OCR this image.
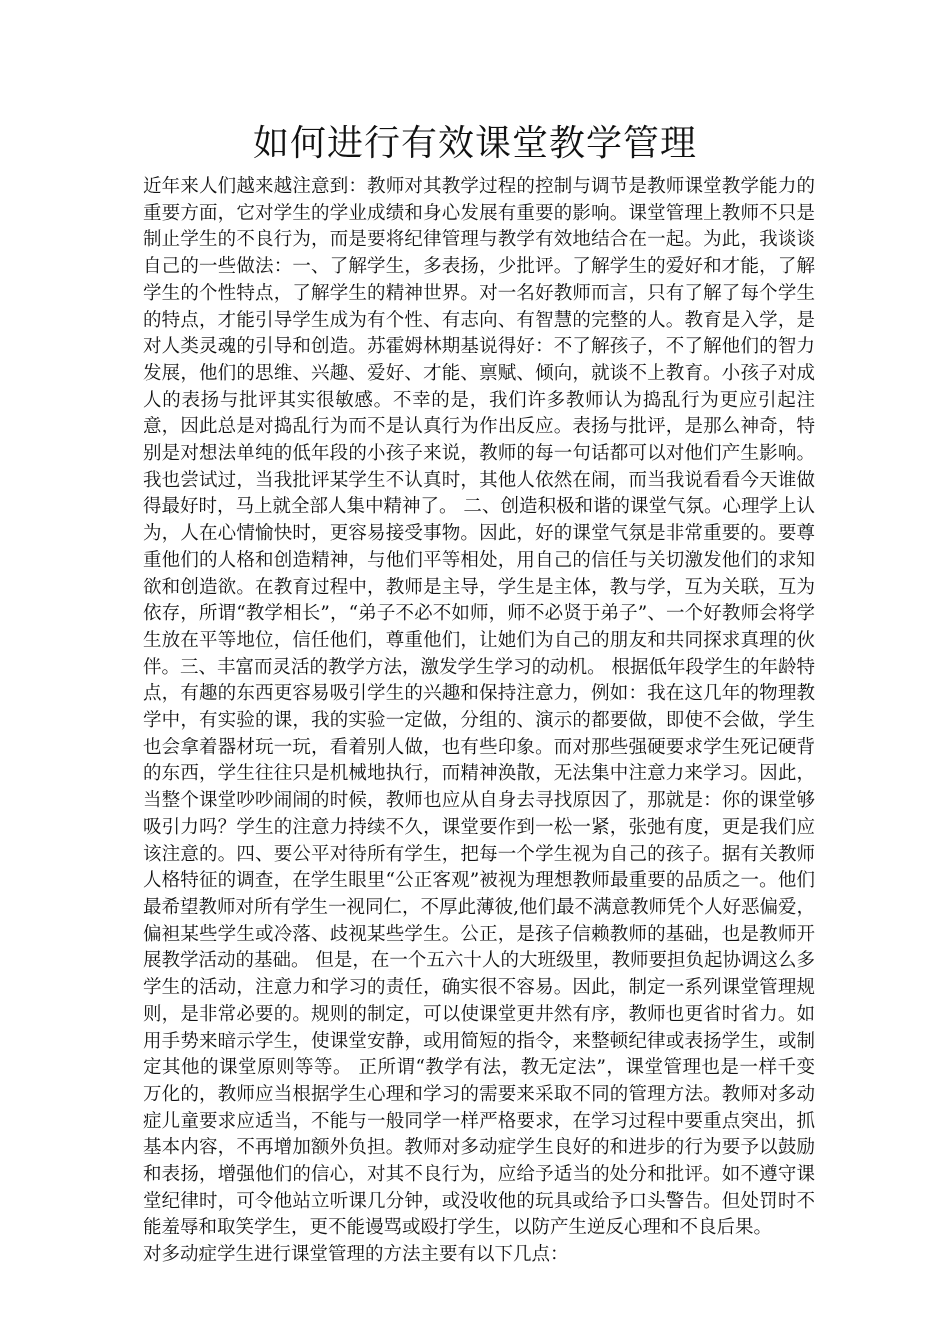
如何进行有效课堂教学管理

近年来人们越来越注意到：教师对其教学过程的控制与调节是教师课堂教学能力的重要方面，它对学生的学业成绩和身心发展有重要的影响。课堂管理上教师不只是制止学生的不良行为，而是要将纪律管理与教学有效地结合在一起。为此，我谈谈自己的一些做法：一、了解学生，多表扬，少批评。了解学生的爱好和才能，了解学生的个性特点，了解学生的精神世界。对一名好教师而言，只有了解了每个学生的特点，才能引导学生成为有个性、有志向、有智慧的完整的人。教育是入学，是对人类灵魂的引导和创造。苏霍姆林期基说得好：不了解孩子，不了解他们的智力发展，他们的思维、兴趣、爱好、才能、禀赋、倾向，就谈不上教育。小孩子对成人的表扬与批评其实很敏感。不幸的是，我们许多教师认为捣乱行为更应引起注意，因此总是对捣乱行为而不是认真行为作出反应。表扬与批评，是那么神奇，特别是对想法单纯的低年段的小孩子来说，教师的每一句话都可以对他们产生影响。我也尝试过，当我批评某学生不认真时，其他人依然在闹，而当我说看看今天谁做得最好时，马上就全部人集中精神了。 二、创造积极和谐的课堂气氛。心理学上认为，人在心情愉快时，更容易接受事物。因此，好的课堂气氛是非常重要的。要尊重他们的人格和创造精神，与他们平等相处，用自己的信任与关切激发他们的求知欲和创造欲。在教育过程中，教师是主导，学生是主体，教与学，互为关联，互为依存，所谓“教学相长”，“弟子不必不如师，师不必贤于弟子”、一个好教师会将学生放在平等地位，信任他们，尊重他们，让她们为自己的朋友和共同探求真理的伙伴。三、丰富而灵活的教学方法，激发学生学习的动机。 根据低年段学生的年龄特点，有趣的东西更容易吸引学生的兴趣和保持注意力，例如：我在这几年的物理教学中，有实验的课，我的实验一定做，分组的、演示的都要做，即使不会做，学生也会拿着器材玩一玩，看着别人做，也有些印象。而对那些强硬要求学生死记硬背的东西，学生往往只是机械地执行，而精神涣散，无法集中注意力来学习。因此，当整个课堂吵吵闹闹的时候，教师也应从自身去寻找原因了，那就是：你的课堂够吸引力吗？学生的注意力持续不久，课堂要作到一松一紧，张弛有度，更是我们应该注意的。四、要公平对待所有学生，把每一个学生视为自己的孩子。据有关教师人格特征的调查，在学生眼里“公正客观”被视为理想教师最重要的品质之一。他们最希望教师对所有学生一视同仁，不厚此薄彼,他们最不满意教师凭个人好恶偏爱，偏袒某些学生或冷落、歧视某些学生。公正，是孩子信赖教师的基础，也是教师开展教学活动的基础。 但是，在一个五六十人的大班级里，教师要担负起协调这么多学生的活动，注意力和学习的责任，确实很不容易。因此，制定一系列课堂管理规则，是非常必要的。规则的制定，可以使课堂更井然有序，教师也更省时省力。如用手势来暗示学生，使课堂安静，或用简短的指令，来整顿纪律或表扬学生，或制定其他的课堂原则等等。 正所谓“教学有法，教无定法”，课堂管理也是一样千变万化的，教师应当根据学生心理和学习的需要来采取不同的管理方法。教师对多动症儿童要求应适当，不能与一般同学一样严格要求，在学习过程中要重点突出，抓基本内容，不再增加额外负担。教师对多动症学生良好的和进步的行为要予以鼓励和表扬，增强他们的信心，对其不良行为，应给予适当的处分和批评。如不遵守课堂纪律时，可令他站立听课几分钟，或没收他的玩具或给予口头警告。但处罚时不能羞辱和取笑学生，更不能谩骂或殴打学生，以防产生逆反心理和不良后果。

对多动症学生进行课堂管理的方法主要有以下几点：
